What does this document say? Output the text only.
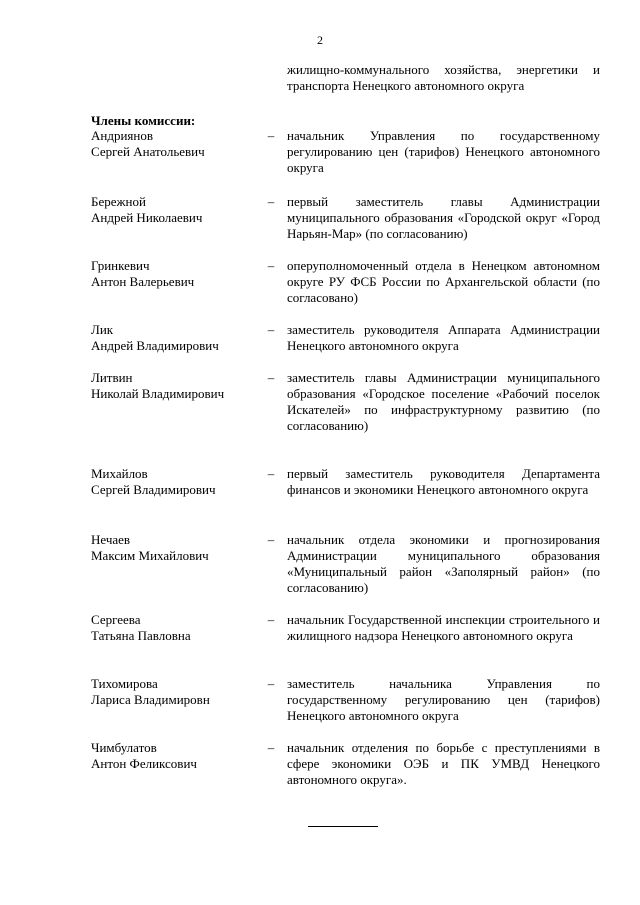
2
жилищно-коммунального хозяйства, энергетики и транспорта Ненецкого автономного округа
Члены комиссии:
Андриянов
Сергей Анатольевич
– начальник Управления по государственному регулированию цен (тарифов) Ненецкого автономного округа
Бережной
Андрей Николаевич
– первый заместитель главы Администрации муниципального образования «Городской округ «Город Нарьян-Мар» (по согласованию)
Гринкевич
Антон Валерьевич
– оперуполномоченный отдела в Ненецком автономном округе РУ ФСБ России по Архангельской области (по согласовано)
Лик
Андрей Владимирович
– заместитель руководителя Аппарата Администрации Ненецкого автономного округа
Литвин
Николай Владимирович
– заместитель главы Администрации муниципального образования «Городское поселение «Рабочий поселок Искателей» по инфраструктурному развитию (по согласованию)
Михайлов
Сергей Владимирович
– первый заместитель руководителя Департамента финансов и экономики Ненецкого автономного округа
Нечаев
Максим Михайлович
– начальник отдела экономики и прогнозирования Администрации муниципального образования «Муниципальный район «Заполярный район» (по согласованию)
Сергеева
Татьяна Павловна
– начальник Государственной инспекции строительного и жилищного надзора Ненецкого автономного округа
Тихомирова
Лариса Владимировн
– заместитель начальника Управления по государственному регулированию цен (тарифов) Ненецкого автономного округа
Чимбулатов
Антон Феликсович
– начальник отделения по борьбе с преступлениями в сфере экономики ОЭБ и ПК УМВД Ненецкого автономного округа».
